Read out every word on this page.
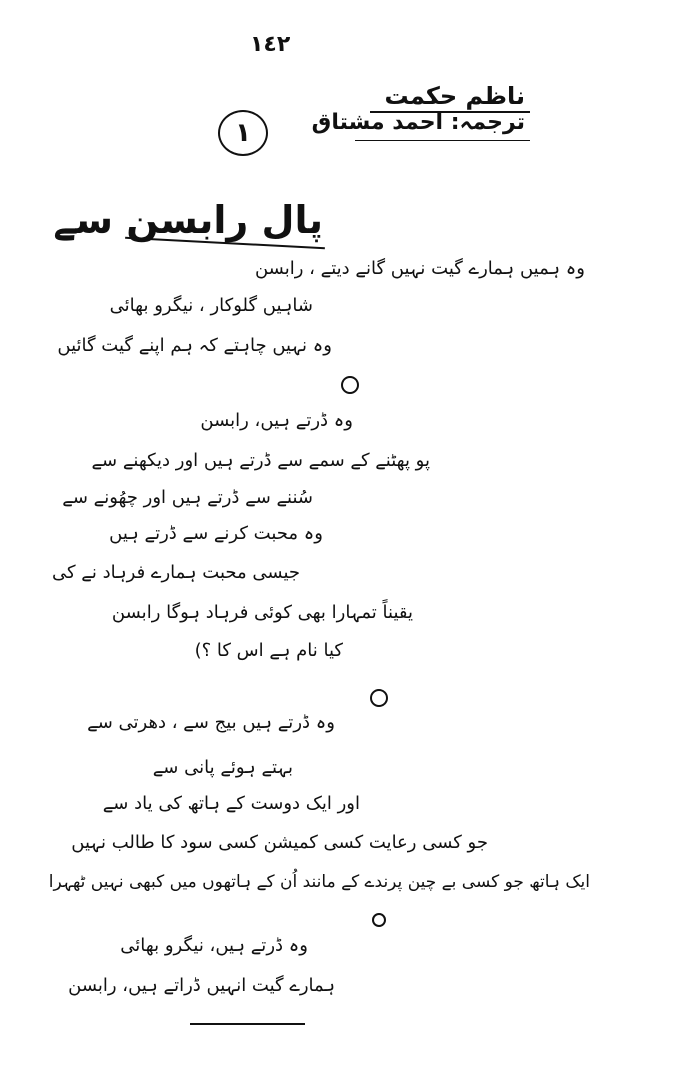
١٤٢

ناظم حکمت

ترجمہ: احمد مشتاق

١

پال رابسن سے

وہ ہمیں ہمارے گیت نہیں گانے دیتے ، رابسن

شاہیں گلوکار ، نیگرو بھائی

وہ نہیں چاہتے کہ ہم اپنے گیت گائیں

وہ ڈرتے ہیں، رابسن

پو پھٹنے کے سمے سے ڈرتے ہیں اور دیکھنے سے

سُننے سے ڈرتے ہیں اور چھُونے سے

وہ محبت کرنے سے ڈرتے ہیں

جیسی محبت ہمارے فرہاد نے کی

یقیناً تمہارا بھی کوئی فرہاد ہوگا رابسن

کیا نام ہے اس کا ؟)

وہ ڈرتے ہیں بیج سے ، دھرتی سے

بہتے ہوئے پانی سے

اور ایک دوست کے ہاتھ کی یاد سے

جو کسی رعایت کسی کمیشن کسی سود کا طالب نہیں

ایک ہاتھ جو کسی بے چین پرندے کے مانند اُن کے ہاتھوں میں کبھی نہیں ٹھہرا

وہ ڈرتے ہیں، نیگرو بھائی

ہمارے گیت انہیں ڈراتے ہیں، رابسن
